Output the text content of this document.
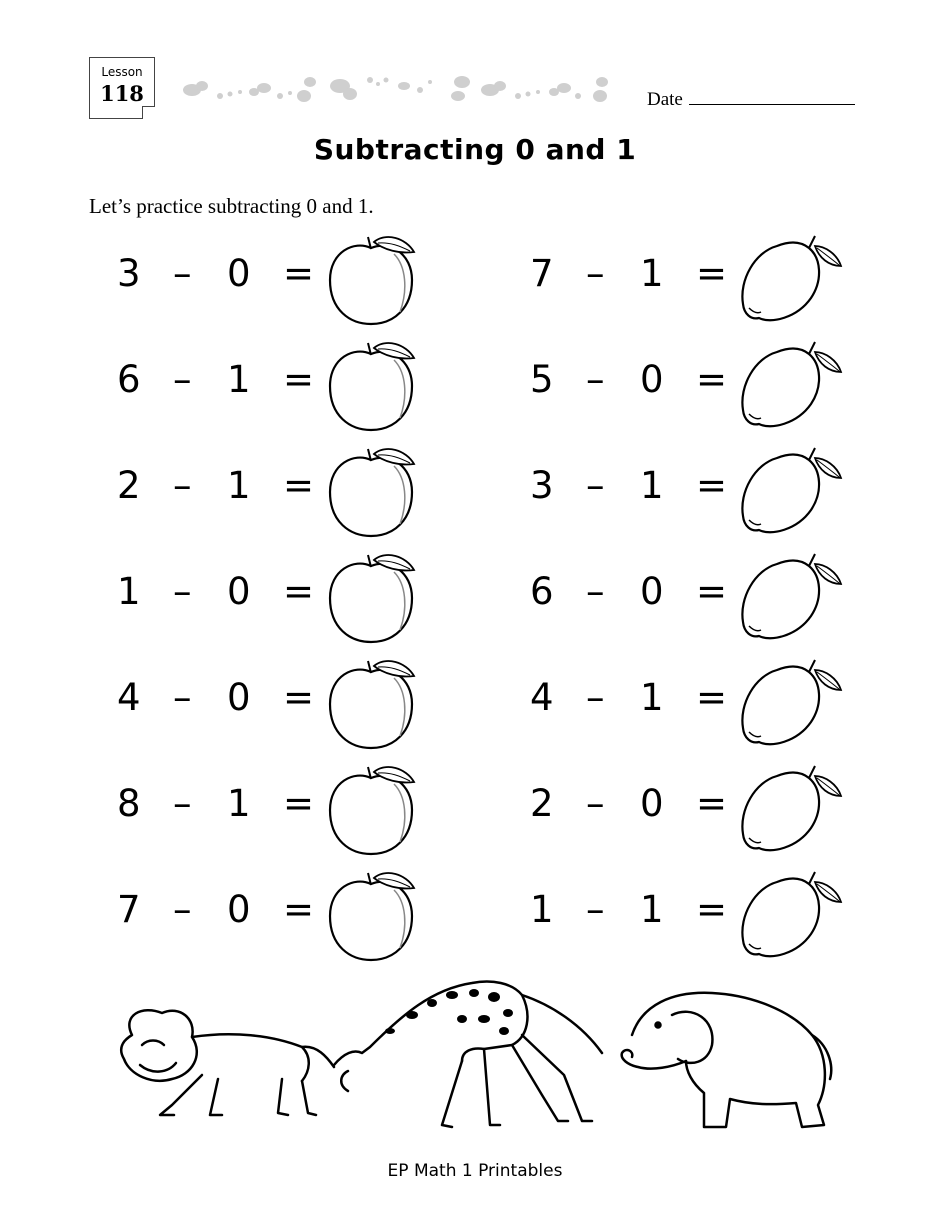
Lesson
118	Date
Subtracting 0 and 1
Let’s practice subtracting 0 and 1.
3 – 0 =
6 – 1 =
2 – 1 =
1 – 0 =
4 – 0 =
8 – 1 =
7 – 0 =
7 – 1 =
5 – 0 =
3 – 1 =
6 – 0 =
4 – 1 =
2 – 0 =
1 – 1 =
EP Math 1 Printables
